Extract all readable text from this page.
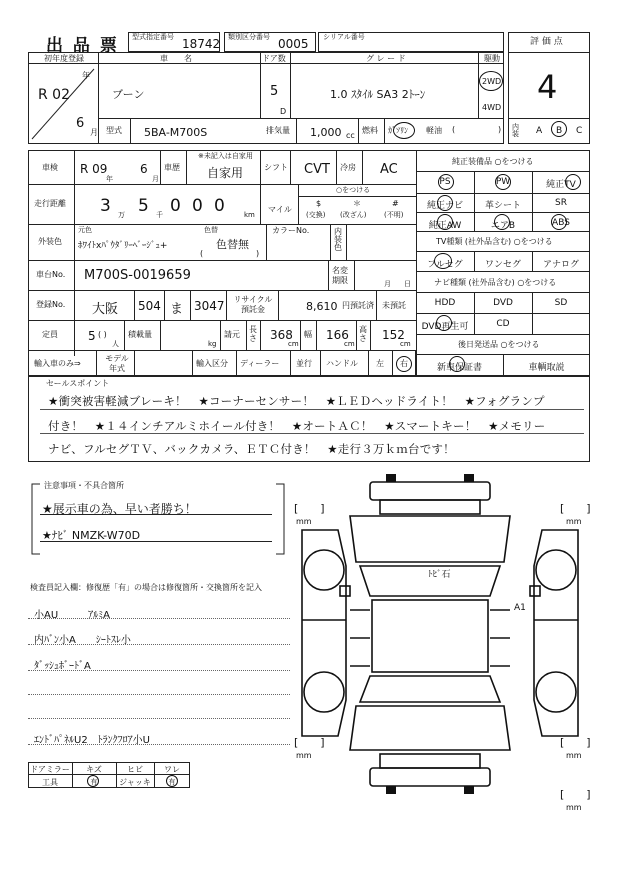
出 品 票 型式指定番号 18742 類別区分番号 0005 シリアル番号	評 価 点
4
内装 A B C
初年度登録
年
R 02
6
月
車　　名
ブーン
ドア数
5
D
グ レ ー ド
1.0 ｽﾀｲﾙ SA3 2ﾄｰﾝ
駆動
2WD
4WD
型式 5BA-M700S	排気量 1,000 cc
燃料 ｶﾞｿﾘﾝ 軽油 (	)
車検 R 09
年
6
月
車歴
※未記入は自家用
自家用	シフト CVT 冷房 AC
走行距離 3 万 5 千 0 0 0	km
マイル
○をつける
$
(交換)
＊
(改ざん)
#
(不明)
外装色
元色	色替
ﾎﾜｲﾄxﾊﾟｳﾀﾞﾘｰﾍﾞｰｼﾞｭ+	色替無
(	)
カラーNo.	内装色
車台No. M700S-0019659	名変期限	月 日
登録No. 大阪 504 ま 3047	リサイクル預託金	8,610 円預託済 未預託
定員	5 ( )
人
積載量
kg
請元
長さ 368
cm
幅 166
cm
高さ 152
cm
輸入車のみ⇒
モデル年式
輸入区分 ディーラー 並行 ハンドル 左 右
純正装備品 ○をつける
PS	PW	純正TV
純正ナビ	革シート	SR
純正AW	エアB	ABS
TV種類 (社外品含む) ○をつける
フルセグ	ワンセグ	アナログ
ナビ種類 (社外品含む) ○をつける
HDD	DVD	SD
DVD再生可	CD
後日発送品 ○をつける
新車保証書	車輌取説
セールスポイント
★衝突被害軽減ブレーキ！　★コーナーセンサー！　★ＬＥＤヘッドライト！　★フォグランプ
付き！　★１４インチアルミホイール付き！　★オートＡＣ！　★スマートキー！　★メモリー
ナビ、フルセグＴＶ、バックカメラ、ＥＴＣ付き！　★走行３万ｋｍ台です！
注意事項・不具合箇所
★展示車の為、早い者勝ち！
★ﾅﾋﾞ NMZK-W70D
検査員記入欄：修復歴「有」の場合は修復箇所・交換箇所を記入
小AU　　　ｱﾙﾐA
内ﾊﾞﾝ小A　　ｼｰﾄｽﾚ小
ﾀﾞｯｼｭﾎﾞｰﾄﾞA
ｴﾝﾄﾞﾊﾟﾈﾙU2　ﾄﾗﾝｸﾌﾛｱ小U
ドアミラー	キズ	ヒビ	ワレ
工具	有	ジャッキ	有
ﾄﾋﾞ石
A1
[　　]
mm
[　　]
mm
[　　]
mm
[　　]
mm
[　　]
mm
